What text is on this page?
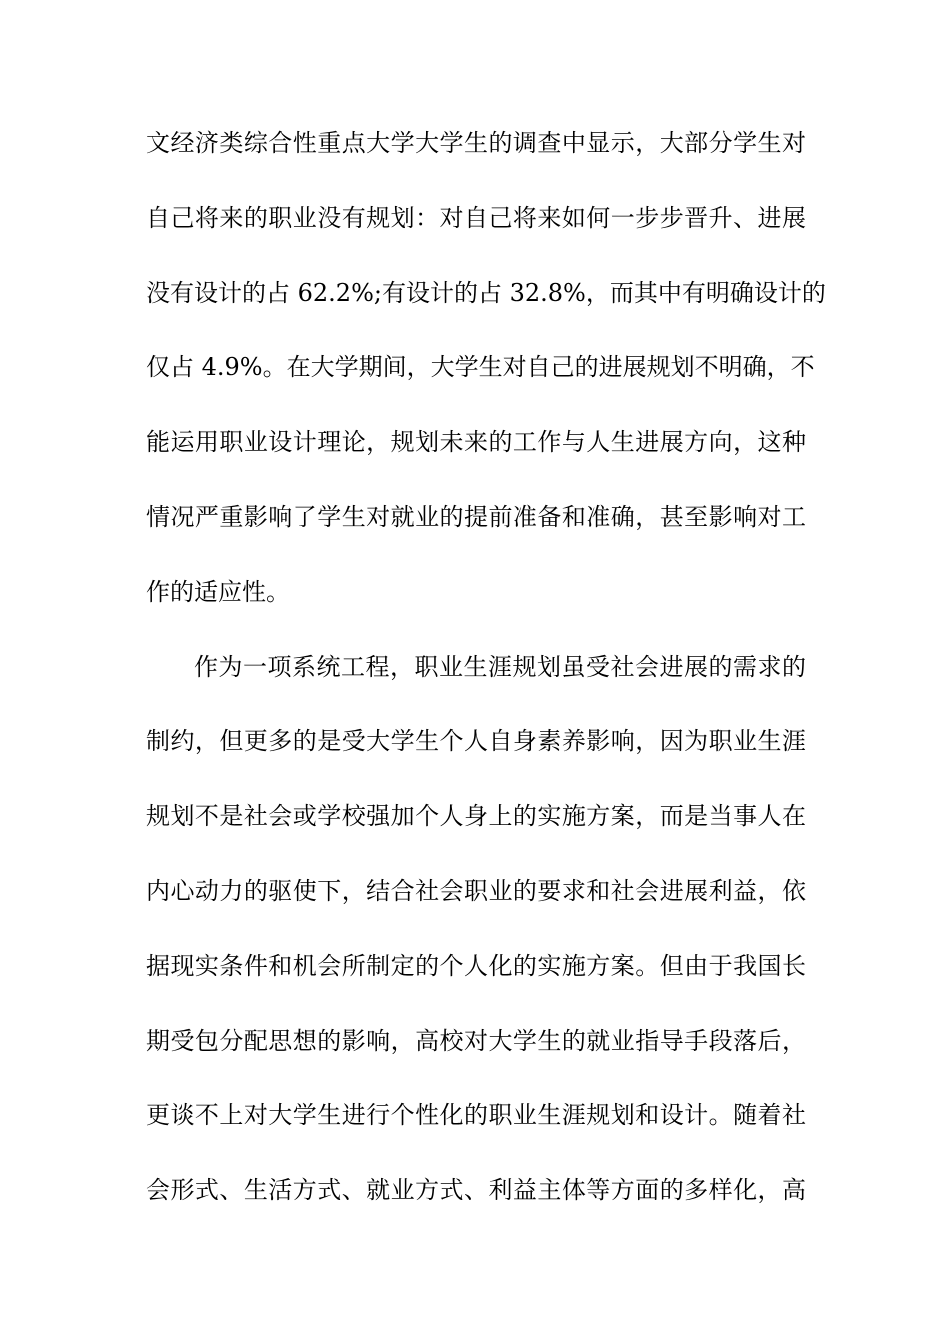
文经济类综合性重点大学大学生的调查中显示，大部分学生对
自己将来的职业没有规划：对自己将来如何一步步晋升、进展
没有设计的占 62.2%;有设计的占 32.8%，而其中有明确设计的
仅占 4.9%。在大学期间，大学生对自己的进展规划不明确，不
能运用职业设计理论，规划未来的工作与人生进展方向，这种
情况严重影响了学生对就业的提前准备和准确，甚至影响对工
作的适应性。
作为一项系统工程，职业生涯规划虽受社会进展的需求的
制约，但更多的是受大学生个人自身素养影响，因为职业生涯
规划不是社会或学校强加个人身上的实施方案，而是当事人在
内心动力的驱使下，结合社会职业的要求和社会进展利益，依
据现实条件和机会所制定的个人化的实施方案。但由于我国长
期受包分配思想的影响，高校对大学生的就业指导手段落后，
更谈不上对大学生进行个性化的职业生涯规划和设计。随着社
会形式、生活方式、就业方式、利益主体等方面的多样化，高
